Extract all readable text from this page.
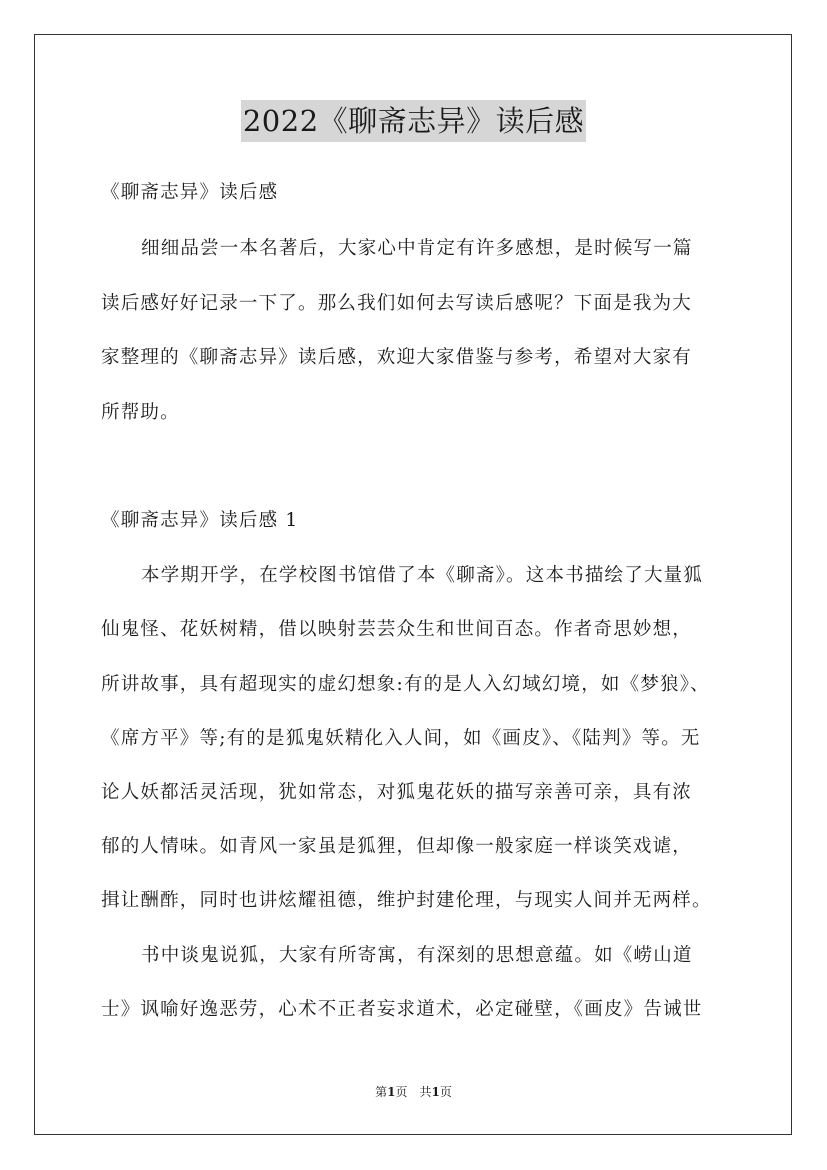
2022《聊斋志异》读后感
《聊斋志异》读后感
细细品尝一本名著后，大家心中肯定有许多感想，是时候写一篇
读后感好好记录一下了。那么我们如何去写读后感呢？下面是我为大
家整理的《聊斋志异》读后感，欢迎大家借鉴与参考，希望对大家有
所帮助。
《聊斋志异》读后感 1
本学期开学，在学校图书馆借了本《聊斋》。这本书描绘了大量狐
仙鬼怪、花妖树精，借以映射芸芸众生和世间百态。作者奇思妙想，
所讲故事，具有超现实的虚幻想象:有的是人入幻域幻境，如《梦狼》、
《席方平》等;有的是狐鬼妖精化入人间，如《画皮》、《陆判》等。无
论人妖都活灵活现，犹如常态，对狐鬼花妖的描写亲善可亲，具有浓
郁的人情味。如青风一家虽是狐狸，但却像一般家庭一样谈笑戏谑，
揖让酬酢，同时也讲炫耀祖德，维护封建伦理，与现实人间并无两样。
书中谈鬼说狐，大家有所寄寓，有深刻的思想意蕴。如《崂山道
士》讽喻好逸恶劳，心术不正者妄求道术，必定碰壁，《画皮》告诫世
第1页　共1页
